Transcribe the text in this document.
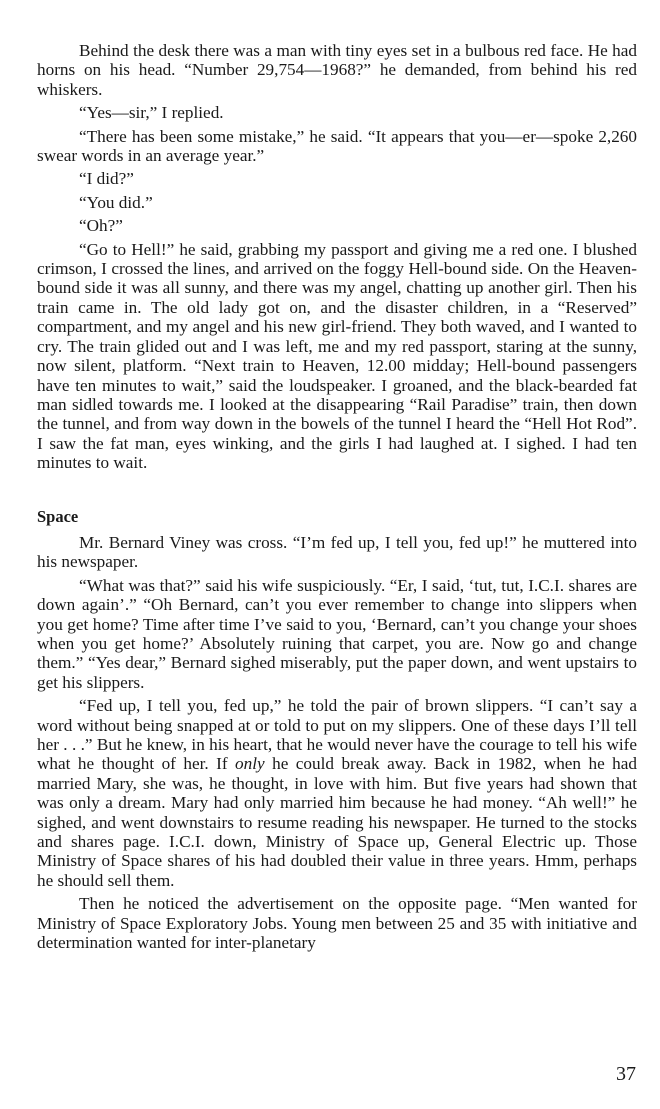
Behind the desk there was a man with tiny eyes set in a bulbous red face. He had horns on his head. “Number 29,754—1968?” he demanded, from behind his red whiskers.

“Yes—sir,” I replied.

“There has been some mistake,” he said. “It appears that you—er—spoke 2,260 swear words in an average year.”

“I did?”

“You did.”

“Oh?”

“Go to Hell!” he said, grabbing my passport and giving me a red one. I blushed crimson, I crossed the lines, and arrived on the foggy Hell-bound side. On the Heaven-bound side it was all sunny, and there was my angel, chatting up another girl. Then his train came in. The old lady got on, and the disaster children, in a “Reserved” compartment, and my angel and his new girl-friend. They both waved, and I wanted to cry. The train glided out and I was left, me and my red passport, staring at the sunny, now silent, platform. “Next train to Heaven, 12.00 midday; Hell-bound passengers have ten minutes to wait,” said the loudspeaker. I groaned, and the black-bearded fat man sidled towards me. I looked at the disappearing “Rail Paradise” train, then down the tunnel, and from way down in the bowels of the tunnel I heard the “Hell Hot Rod”. I saw the fat man, eyes winking, and the girls I had laughed at. I sighed. I had ten minutes to wait.

Space

Mr. Bernard Viney was cross. “I’m fed up, I tell you, fed up!” he muttered into his newspaper.

“What was that?” said his wife suspiciously. “Er, I said, ‘tut, tut, I.C.I. shares are down again’.” “Oh Bernard, can’t you ever remember to change into slippers when you get home? Time after time I’ve said to you, ‘Bernard, can’t you change your shoes when you get home?’ Absolutely ruining that carpet, you are. Now go and change them.” “Yes dear,” Bernard sighed miserably, put the paper down, and went upstairs to get his slippers.

“Fed up, I tell you, fed up,” he told the pair of brown slippers. “I can’t say a word without being snapped at or told to put on my slippers. One of these days I’ll tell her . . .” But he knew, in his heart, that he would never have the courage to tell his wife what he thought of her. If only he could break away. Back in 1982, when he had married Mary, she was, he thought, in love with him. But five years had shown that was only a dream. Mary had only married him because he had money. “Ah well!” he sighed, and went downstairs to resume reading his newspaper. He turned to the stocks and shares page. I.C.I. down, Ministry of Space up, General Electric up. Those Ministry of Space shares of his had doubled their value in three years. Hmm, perhaps he should sell them.

Then he noticed the advertisement on the opposite page. “Men wanted for Ministry of Space Exploratory Jobs. Young men between 25 and 35 with initiative and determination wanted for inter-planetary

37
